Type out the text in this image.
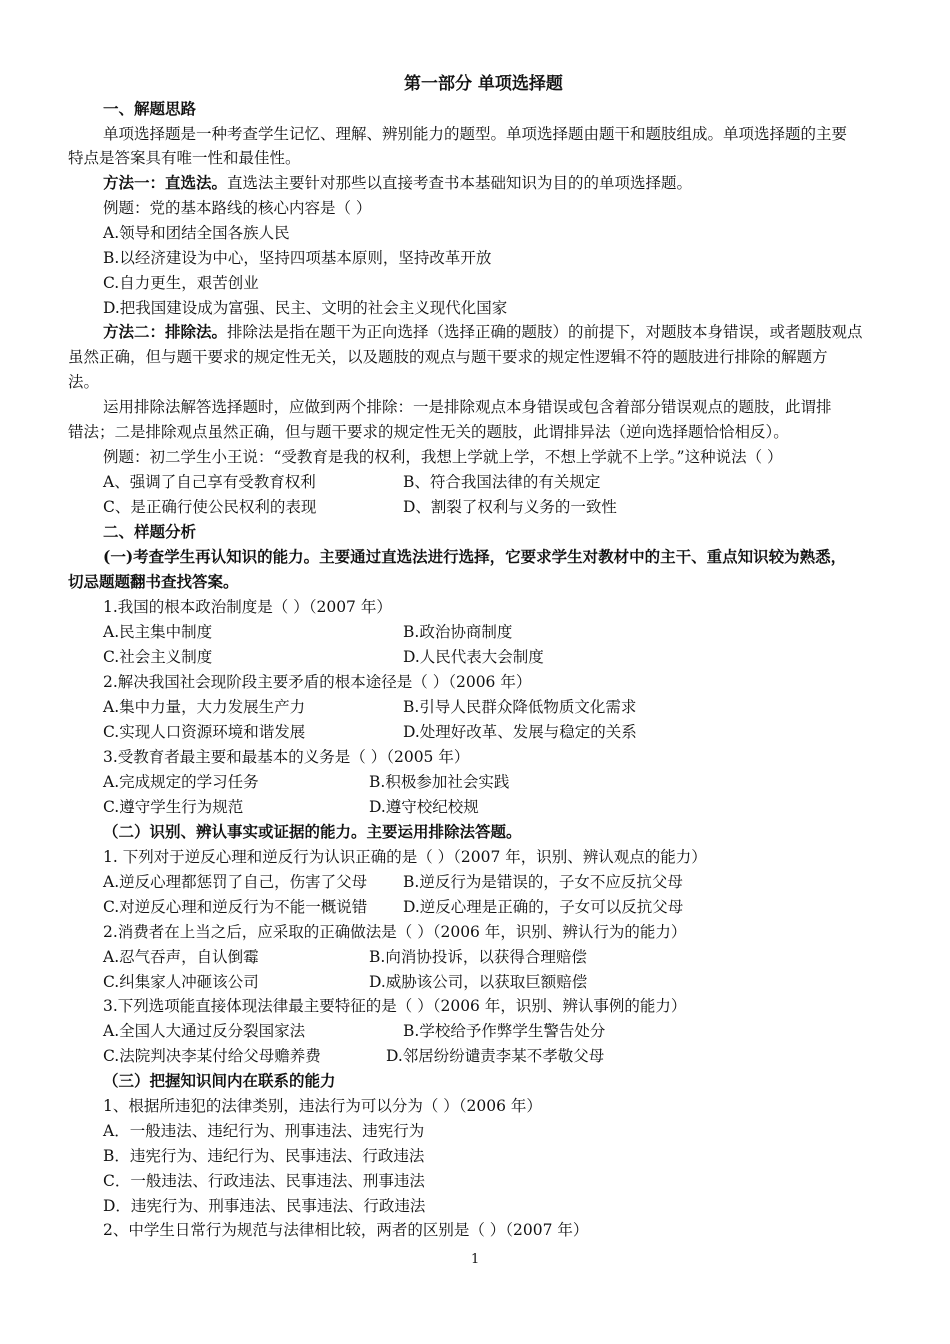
第一部分 单项选择题
一、解题思路
单项选择题是一种考查学生记忆、理解、辨别能力的题型。单项选择题由题干和题肢组成。单项选择题的主要
特点是答案具有唯一性和最佳性。
方法一：直选法。直选法主要针对那些以直接考查书本基础知识为目的的单项选择题。
例题：党的基本路线的核心内容是（ ）
A.领导和团结全国各族人民
B.以经济建设为中心，坚持四项基本原则，坚持改革开放
C.自力更生，艰苦创业
D.把我国建设成为富强、民主、文明的社会主义现代化国家
方法二：排除法。排除法是指在题干为正向选择（选择正确的题肢）的前提下，对题肢本身错误，或者题肢观点
虽然正确，但与题干要求的规定性无关，以及题肢的观点与题干要求的规定性逻辑不符的题肢进行排除的解题方
法。
运用排除法解答选择题时，应做到两个排除：一是排除观点本身错误或包含着部分错误观点的题肢，此谓排
错法；二是排除观点虽然正确，但与题干要求的规定性无关的题肢，此谓排异法（逆向选择题恰恰相反）。
例题：初二学生小王说：“受教育是我的权利，我想上学就上学，不想上学就不上学。”这种说法（ ）
A、强调了自己享有受教育权利	B、符合我国法律的有关规定
C、是正确行使公民权利的表现	D、割裂了权利与义务的一致性
二、样题分析
(一)考查学生再认知识的能力。主要通过直选法进行选择，它要求学生对教材中的主干、重点知识较为熟悉，
切忌题题翻书查找答案。
1.我国的根本政治制度是（ ）（2007 年）
A.民主集中制度	B.政治协商制度
C.社会主义制度	D.人民代表大会制度
2.解决我国社会现阶段主要矛盾的根本途径是（ ）（2006 年）
A.集中力量，大力发展生产力	B.引导人民群众降低物质文化需求
C.实现人口资源环境和谐发展	D.处理好改革、发展与稳定的关系
3.受教育者最主要和最基本的义务是（ ）（2005 年）
A.完成规定的学习任务	B.积极参加社会实践
C.遵守学生行为规范	D.遵守校纪校规
（二）识别、辨认事实或证据的能力。主要运用排除法答题。
1. 下列对于逆反心理和逆反行为认识正确的是（ ）（2007 年，识别、辨认观点的能力）
A.逆反心理都惩罚了自己，伤害了父母 B.逆反行为是错误的，子女不应反抗父母
C.对逆反心理和逆反行为不能一概说错 D.逆反心理是正确的，子女可以反抗父母
2.消费者在上当之后，应采取的正确做法是（ ）（2006 年，识别、辨认行为的能力）
A.忍气吞声，自认倒霉	B.向消协投诉，以获得合理赔偿
C.纠集家人冲砸该公司	D.威胁该公司，以获取巨额赔偿
3.下列选项能直接体现法律最主要特征的是（ ）（2006 年，识别、辨认事例的能力）
A.全国人大通过反分裂国家法	B.学校给予作弊学生警告处分
C.法院判决李某付给父母赡养费	D.邻居纷纷谴责李某不孝敬父母
（三）把握知识间内在联系的能力
1、根据所违犯的法律类别，违法行为可以分为（ ）（2006 年）
A．一般违法、违纪行为、刑事违法、违宪行为
B．违宪行为、违纪行为、民事违法、行政违法
C．一般违法、行政违法、民事违法、刑事违法
D．违宪行为、刑事违法、民事违法、行政违法
2、中学生日常行为规范与法律相比较，两者的区别是（ ）（2007 年）
1
